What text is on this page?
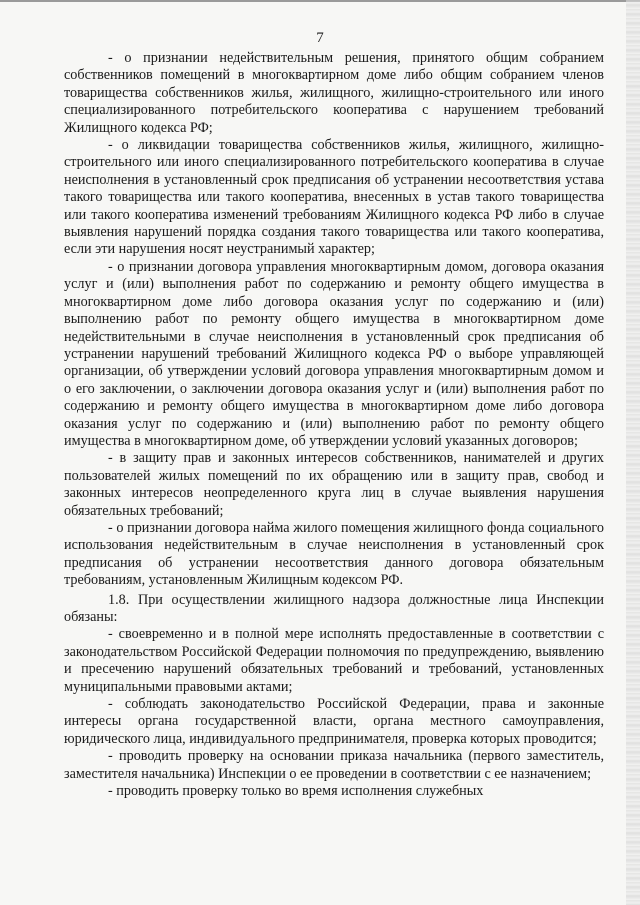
7

- о признании недействительным решения, принятого общим собранием собственников помещений в многоквартирном доме либо общим собранием членов товарищества собственников жилья, жилищного, жилищно-строительного или иного специализированного потребительского кооператива с нарушением требований Жилищного кодекса РФ;

- о ликвидации товарищества собственников жилья, жилищного, жилищно-строительного или иного специализированного потребительского кооператива в случае неисполнения в установленный срок предписания об устранении несоответствия устава такого товарищества или такого кооператива, внесенных в устав такого товарищества или такого кооператива изменений требованиям Жилищного кодекса РФ либо в случае выявления нарушений порядка создания такого товарищества или такого кооператива, если эти нарушения носят неустранимый характер;

- о признании договора управления многоквартирным домом, договора оказания услуг и (или) выполнения работ по содержанию и ремонту общего имущества в многоквартирном доме либо договора оказания услуг по содержанию и (или) выполнению работ по ремонту общего имущества в многоквартирном доме недействительными в случае неисполнения в установленный срок предписания об устранении нарушений требований Жилищного кодекса РФ о выборе управляющей организации, об утверждении условий договора управления многоквартирным домом и о его заключении, о заключении договора оказания услуг и (или) выполнения работ по содержанию и ремонту общего имущества в многоквартирном доме либо договора оказания услуг по содержанию и (или) выполнению работ по ремонту общего имущества в многоквартирном доме, об утверждении условий указанных договоров;

- в защиту прав и законных интересов собственников, нанимателей и других пользователей жилых помещений по их обращению или в защиту прав, свобод и законных интересов неопределенного круга лиц в случае выявления нарушения обязательных требований;

- о признании договора найма жилого помещения жилищного фонда социального использования недействительным в случае неисполнения в установленный срок предписания об устранении несоответствия данного договора обязательным требованиям, установленным Жилищным кодексом РФ.

1.8. При осуществлении жилищного надзора должностные лица Инспекции обязаны:

- своевременно и в полной мере исполнять предоставленные в соответствии с законодательством Российской Федерации полномочия по предупреждению, выявлению и пресечению нарушений обязательных требований и требований, установленных муниципальными правовыми актами;

- соблюдать законодательство Российской Федерации, права и законные интересы органа государственной власти, органа местного самоуправления, юридического лица, индивидуального предпринимателя, проверка которых проводится;

- проводить проверку на основании приказа начальника (первого заместитель, заместителя начальника) Инспекции о ее проведении в соответствии с ее назначением;

- проводить проверку только во время исполнения служебных
